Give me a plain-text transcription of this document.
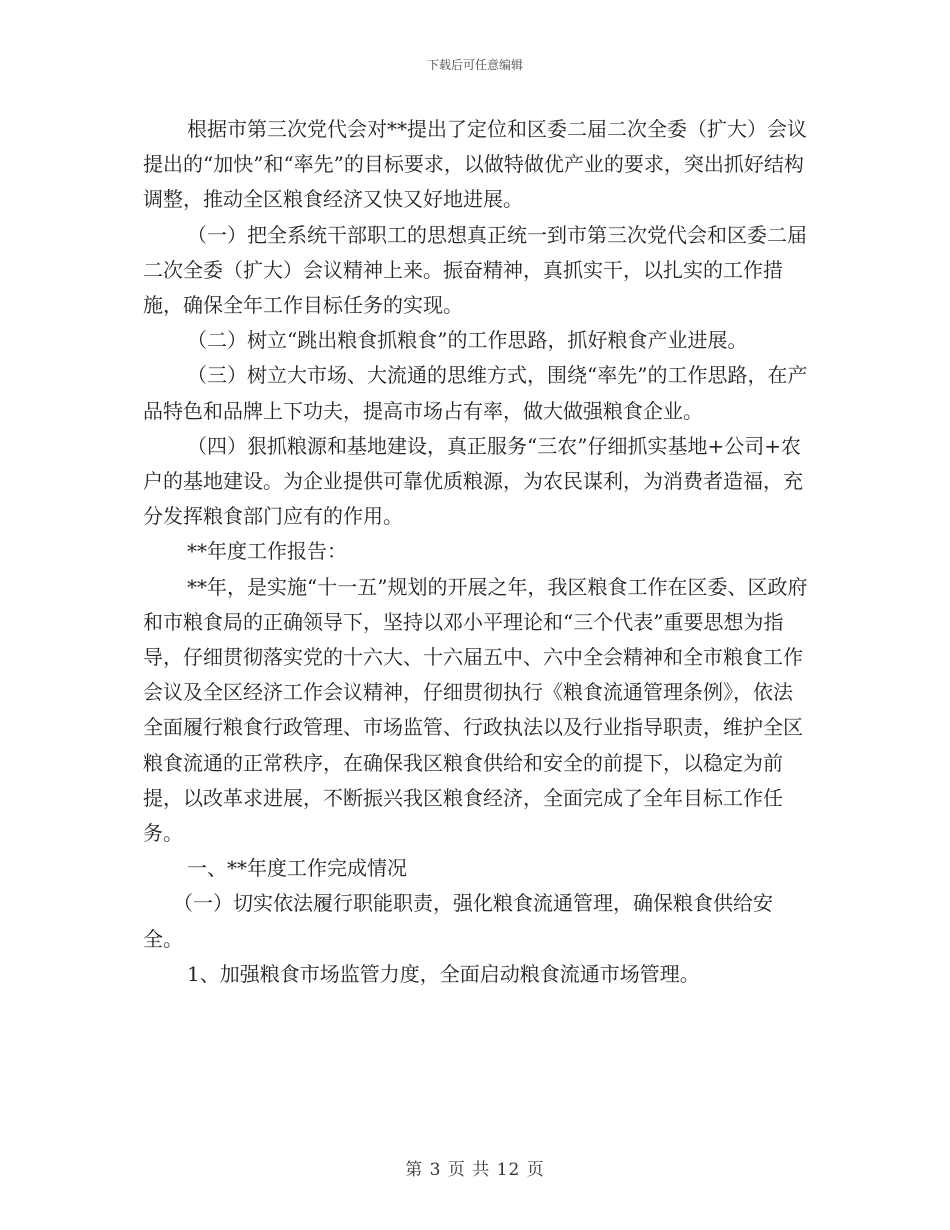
下载后可任意编辑

根据市第三次党代会对**提出了定位和区委二届二次全委（扩大）会议提出的“加快”和“率先”的目标要求，以做特做优产业的要求，突出抓好结构调整，推动全区粮食经济又快又好地进展。

（一）把全系统干部职工的思想真正统一到市第三次党代会和区委二届二次全委（扩大）会议精神上来。振奋精神，真抓实干，以扎实的工作措施，确保全年工作目标任务的实现。

（二）树立“跳出粮食抓粮食”的工作思路，抓好粮食产业进展。

（三）树立大市场、大流通的思维方式，围绕“率先”的工作思路，在产品特色和品牌上下功夫，提高市场占有率，做大做强粮食企业。

（四）狠抓粮源和基地建设，真正服务“三农”仔细抓实基地+公司+农户的基地建设。为企业提供可靠优质粮源，为农民谋利，为消费者造福，充分发挥粮食部门应有的作用。

**年度工作报告：

**年，是实施“十一五”规划的开展之年，我区粮食工作在区委、区政府和市粮食局的正确领导下，坚持以邓小平理论和“三个代表”重要思想为指导，仔细贯彻落实党的十六大、十六届五中、六中全会精神和全市粮食工作会议及全区经济工作会议精神，仔细贯彻执行《粮食流通管理条例》，依法全面履行粮食行政管理、市场监管、行政执法以及行业指导职责，维护全区粮食流通的正常秩序，在确保我区粮食供给和安全的前提下，以稳定为前提，以改革求进展，不断振兴我区粮食经济，全面完成了全年目标工作任务。

一、**年度工作完成情况

（一）切实依法履行职能职责，强化粮食流通管理，确保粮食供给安全。

1、加强粮食市场监管力度，全面启动粮食流通市场管理。

第 3 页 共 12 页
